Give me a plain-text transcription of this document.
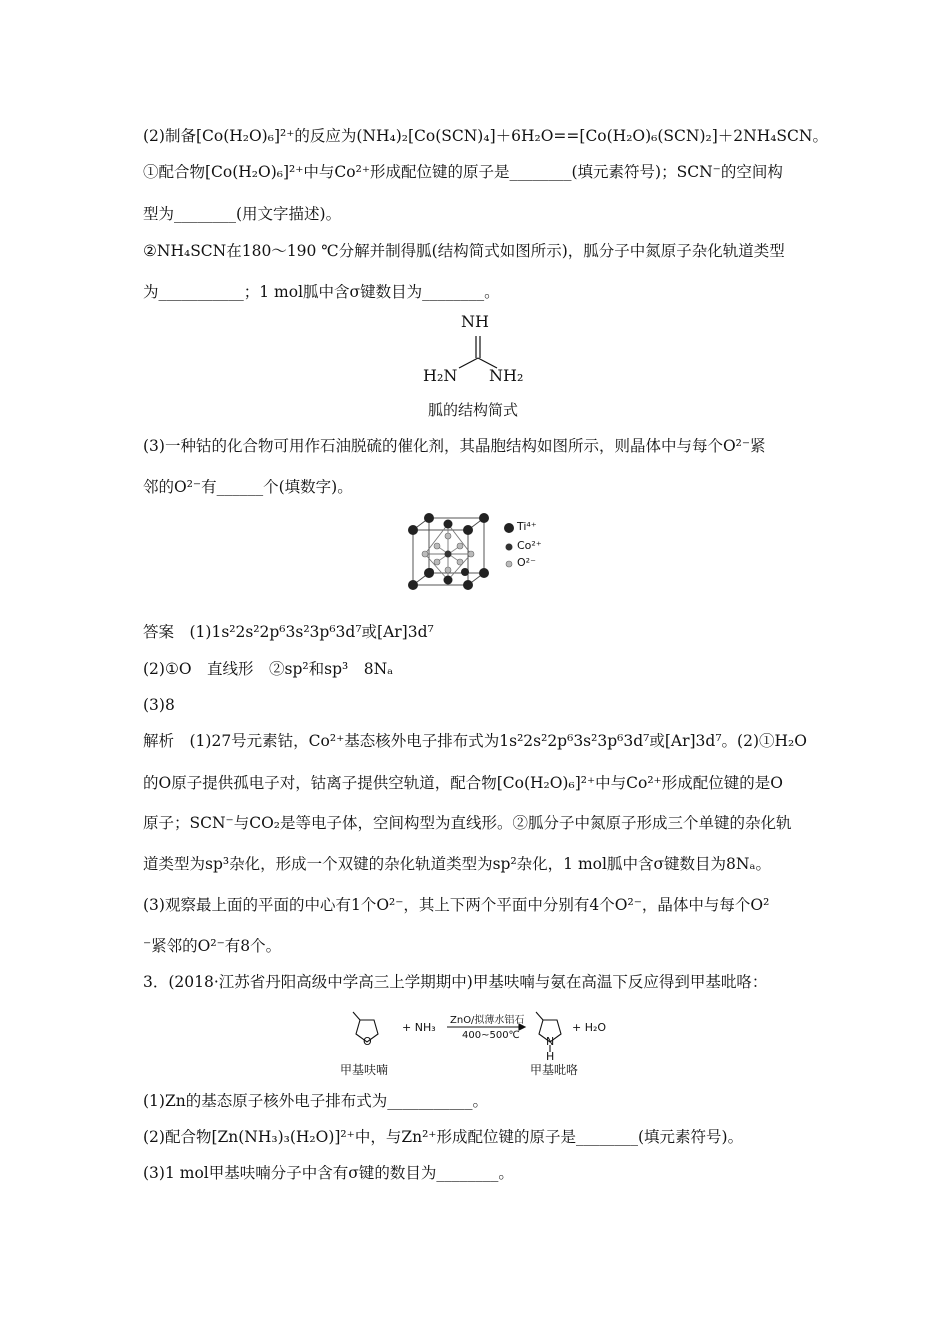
(2)制备[Co(H₂O)₆]²⁺的反应为(NH₄)₂[Co(SCN)₄]＋6H₂O==[Co(H₂O)₆(SCN)₂]＋2NH₄SCN。
①配合物[Co(H₂O)₆]²⁺中与Co²⁺形成配位键的原子是________(填元素符号)；SCN⁻的空间构
型为________(用文字描述)。
②NH₄SCN在180～190 ℃分解并制得胍(结构简式如图所示)，胍分子中氮原子杂化轨道类型
为___________；1 mol胍中含σ键数目为________。
NH
H₂N NH₂
胍的结构简式
(3)一种钴的化合物可用作石油脱硫的催化剂，其晶胞结构如图所示，则晶体中与每个O²⁻紧
邻的O²⁻有______个(填数字)。
Ti⁴⁺
Co²⁺
O²⁻
答案　(1)1s²2s²2p⁶3s²3p⁶3d⁷或[Ar]3d⁷
(2)①O　直线形　②sp²和sp³　8Nₐ
(3)8
解析　(1)27号元素钴，Co²⁺基态核外电子排布式为1s²2s²2p⁶3s²3p⁶3d⁷或[Ar]3d⁷。(2)①H₂O
的O原子提供孤电子对，钴离子提供空轨道，配合物[Co(H₂O)₆]²⁺中与Co²⁺形成配位键的是O
原子；SCN⁻与CO₂是等电子体，空间构型为直线形。②胍分子中氮原子形成三个单键的杂化轨
道类型为sp³杂化，形成一个双键的杂化轨道类型为sp²杂化，1 mol胍中含σ键数目为8Nₐ。
(3)观察最上面的平面的中心有1个O²⁻，其上下两个平面中分别有4个O²⁻，晶体中与每个O²
⁻紧邻的O²⁻有8个。
3．(2018·江苏省丹阳高级中学高三上学期期中)甲基呋喃与氨在高温下反应得到甲基吡咯：
O
+ NH₃
ZnO/拟薄水铝石
400~500℃ N
H
+ H₂O
甲基呋喃	甲基吡咯
(1)Zn的基态原子核外电子排布式为___________。
(2)配合物[Zn(NH₃)₃(H₂O)]²⁺中，与Zn²⁺形成配位键的原子是________(填元素符号)。
(3)1 mol甲基呋喃分子中含有σ键的数目为________。
